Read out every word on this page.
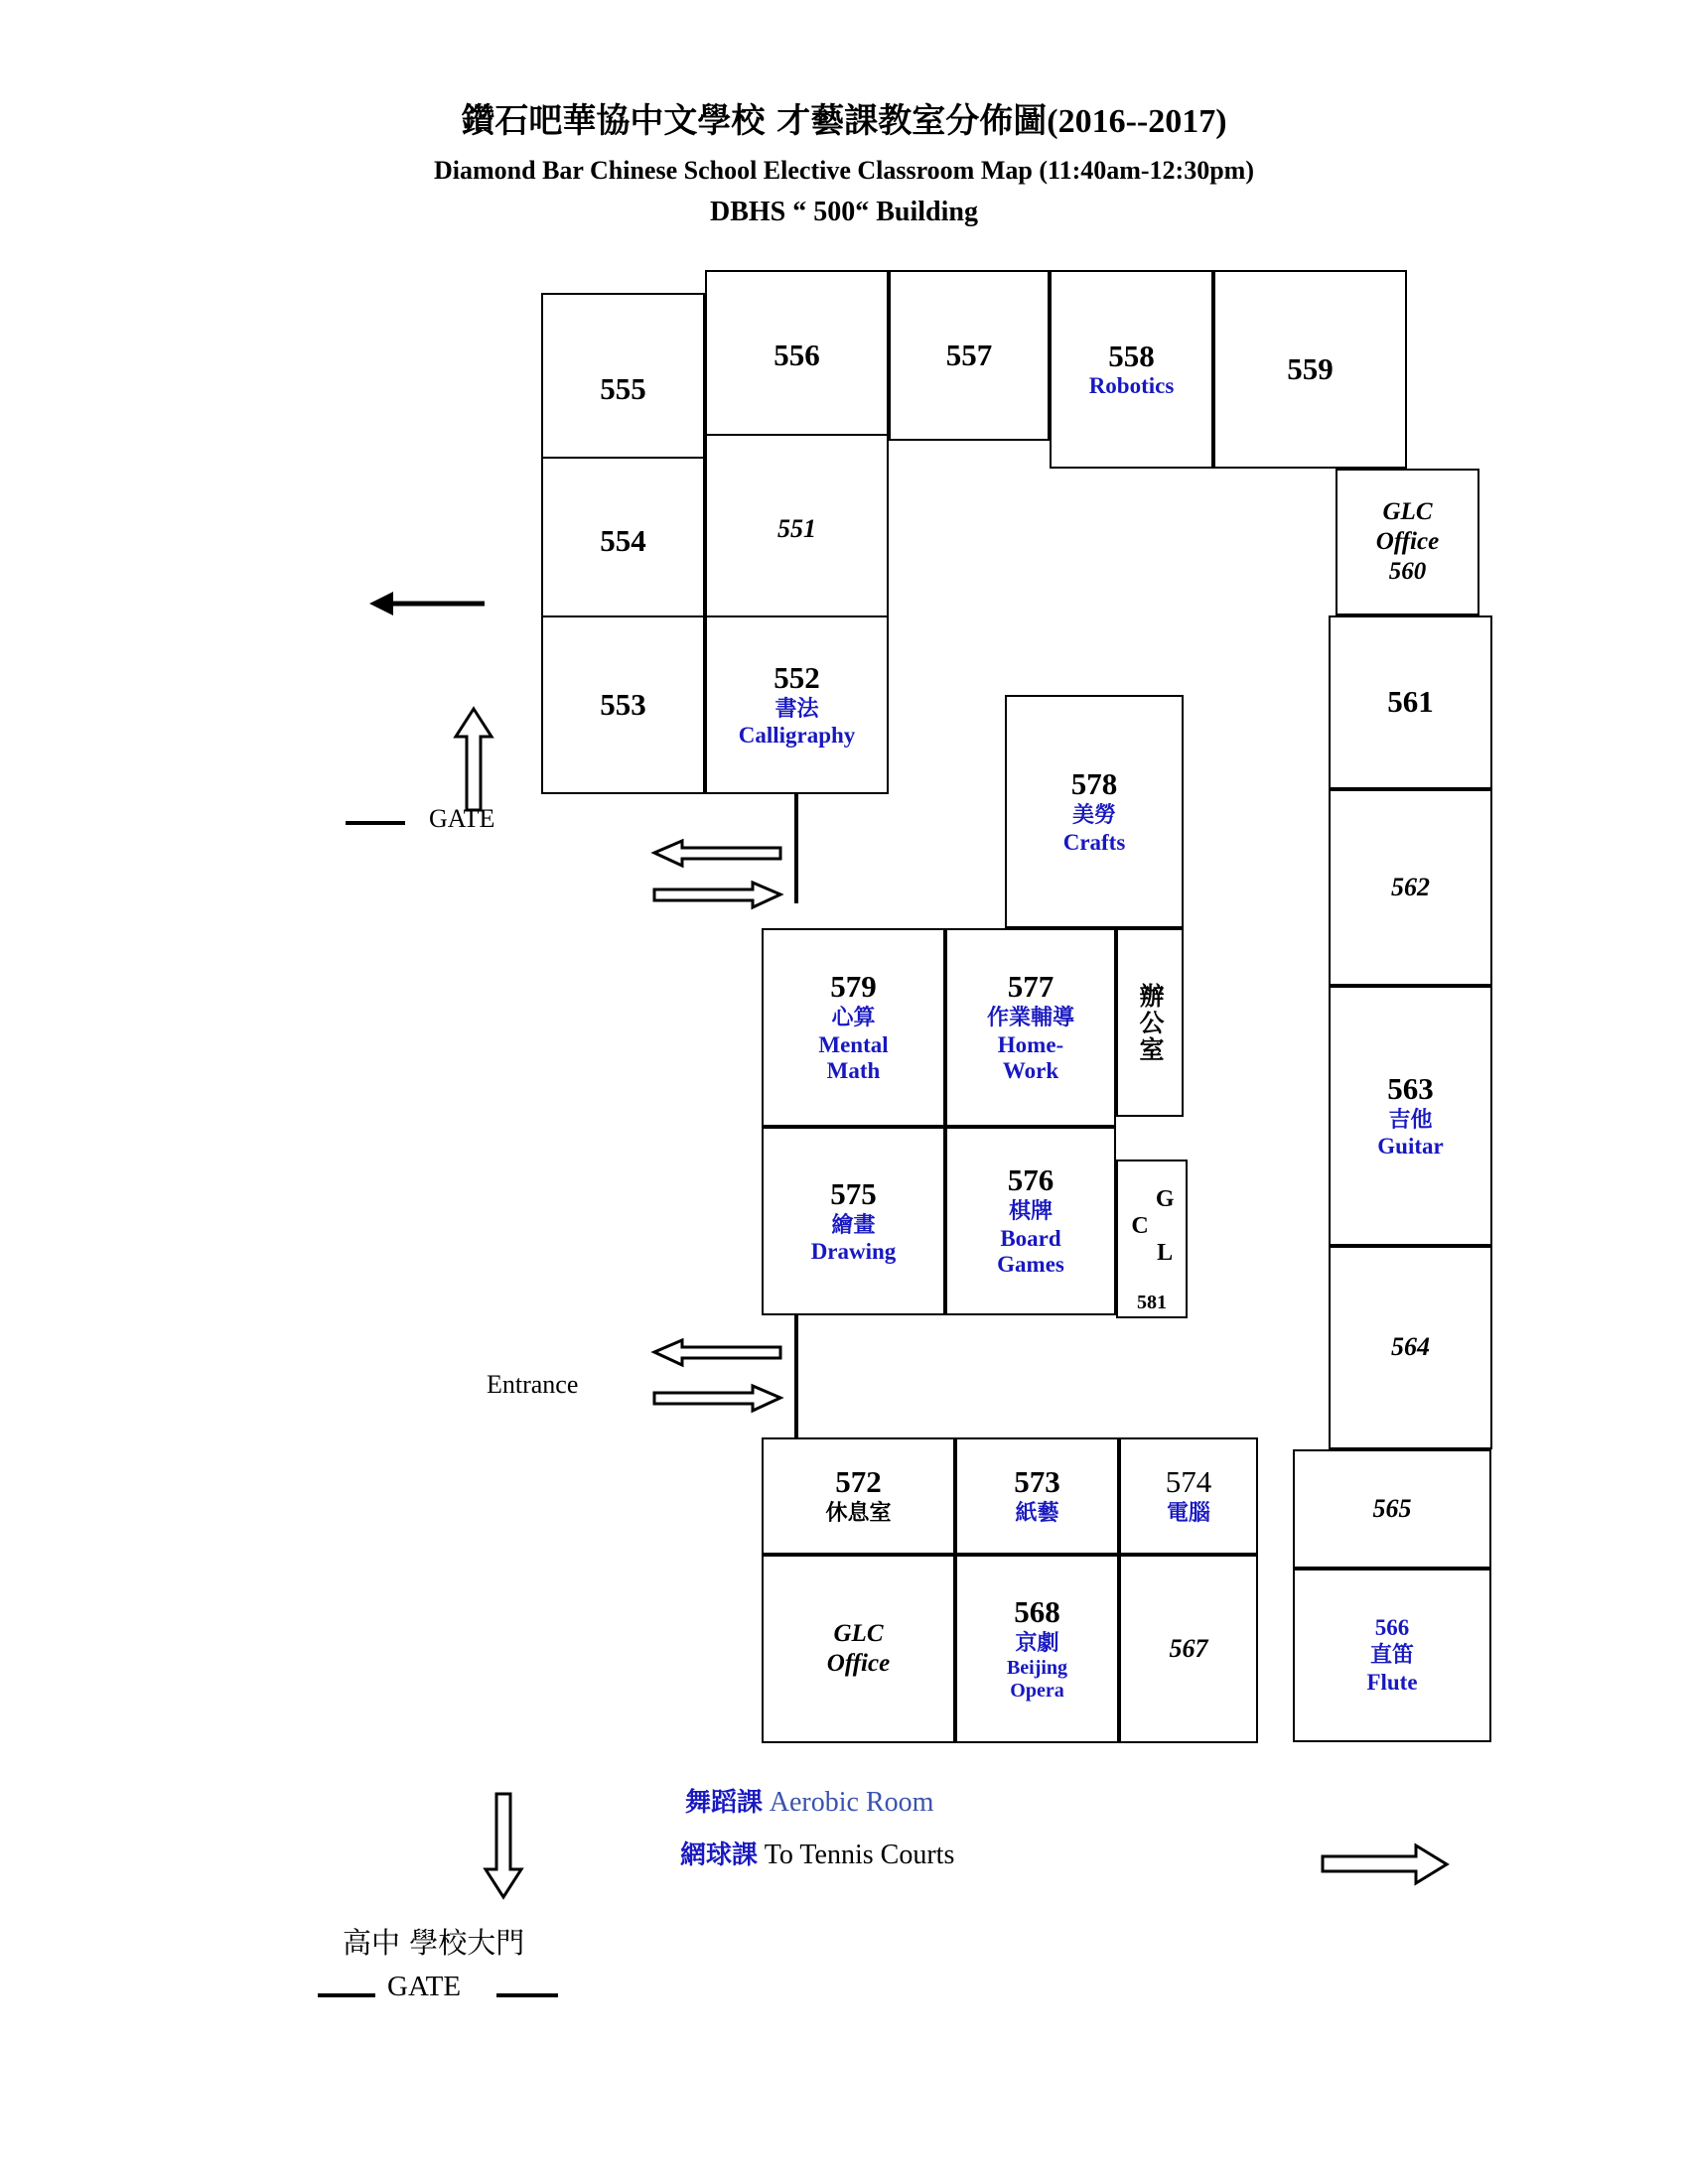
鑽石吧華協中文學校 才藝課教室分佈圖(2016--2017)
Diamond Bar Chinese School Elective Classroom Map (11:40am-12:30pm)
DBHS “ 500“ Building
555
556	557	558
Robotics	559
554	551
553
552
書法
Calligraphy
GLC
Office
560
561
562
563
吉他
Guitar
564
565
566
直笛
Flute
578
美勞
Crafts
579
心算
Mental
Math
577
作業輔導
Home-
Work
辦公室
575
繪畫
Drawing
576
棋牌
Board
Games	G L C
581
572
休息室
GLC
Office
573
紙藝
574
電腦
568
京劇
Beijing
Opera
567
GATE
Entrance
舞蹈課 Aerobic Room
網球課 To Tennis Courts
高中 學校大門
GATE
